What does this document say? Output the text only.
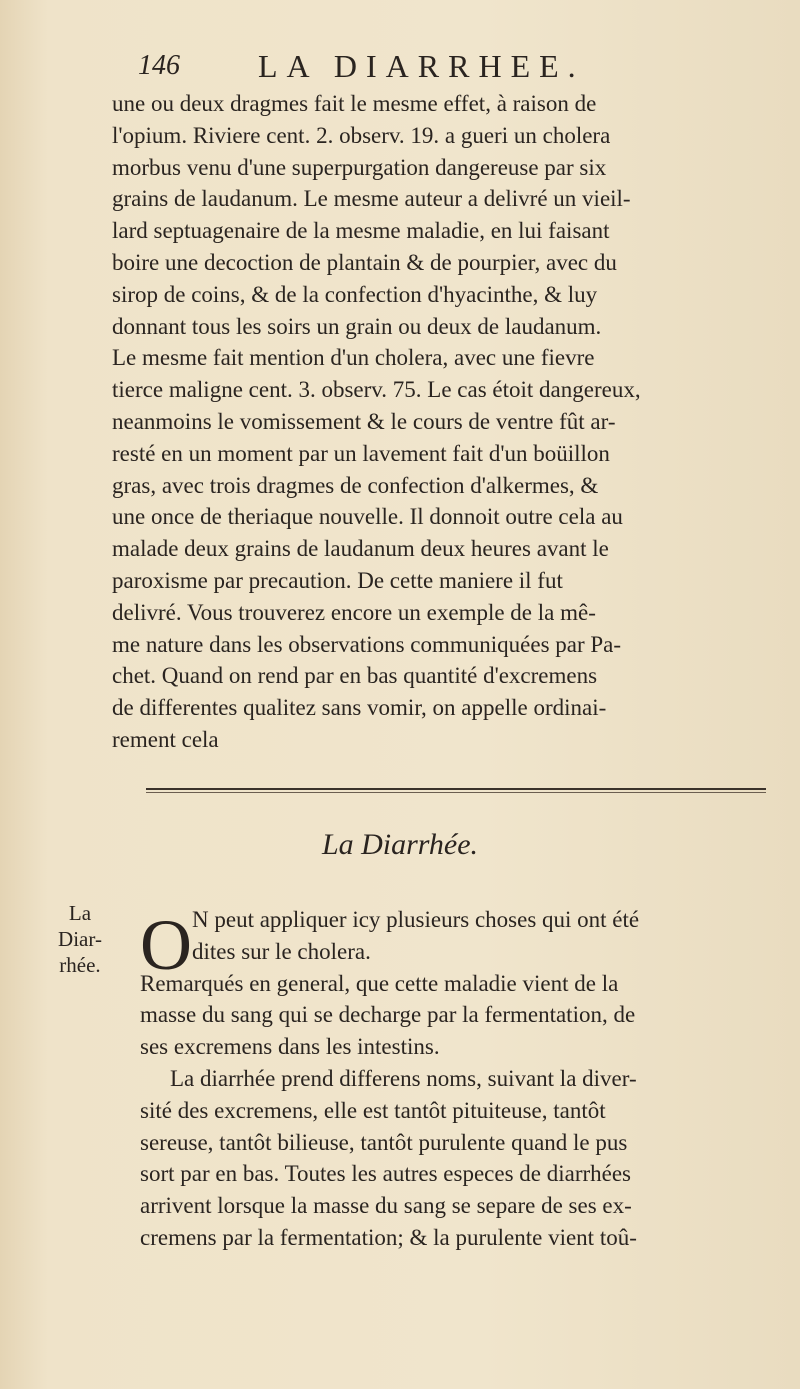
146 LA DIARRHEE.
une ou deux dragmes fait le mesme effet, à raison de
l'opium. Riviere cent. 2. observ. 19. a gueri un cholera
morbus venu d'une superpurgation dangereuse par six
grains de laudanum. Le mesme auteur a delivré un vieil-
lard septuagenaire de la mesme maladie, en lui faisant
boire une decoction de plantain & de pourpier, avec du
sirop de coins, & de la confection d'hyacinthe, & luy
donnant tous les soirs un grain ou deux de laudanum.
Le mesme fait mention d'un cholera, avec une fievre
tierce maligne cent. 3. observ. 75. Le cas étoit dangereux,
neanmoins le vomissement & le cours de ventre fût ar-
resté en un moment par un lavement fait d'un boüillon
gras, avec trois dragmes de confection d'alkermes, &
une once de theriaque nouvelle. Il donnoit outre cela au
malade deux grains de laudanum deux heures avant le
paroxisme par precaution. De cette maniere il fut
delivré. Vous trouverez encore un exemple de la mê-
me nature dans les observations communiquées par Pa-
chet. Quand on rend par en bas quantité d'excremens
de differentes qualitez sans vomir, on appelle ordinai-
rement cela
La Diarrhée.
La
Diar-
rhée. O N peut appliquer icy plusieurs choses qui ont été
dites sur le cholera.
Remarqués en general, que cette maladie vient de la
masse du sang qui se decharge par la fermentation, de
ses excremens dans les intestins.
La diarrhée prend differens noms, suivant la diver-
sité des excremens, elle est tantôt pituiteuse, tantôt
sereuse, tantôt bilieuse, tantôt purulente quand le pus
sort par en bas. Toutes les autres especes de diarrhées
arrivent lorsque la masse du sang se separe de ses ex-
cremens par la fermentation; & la purulente vient toû-
